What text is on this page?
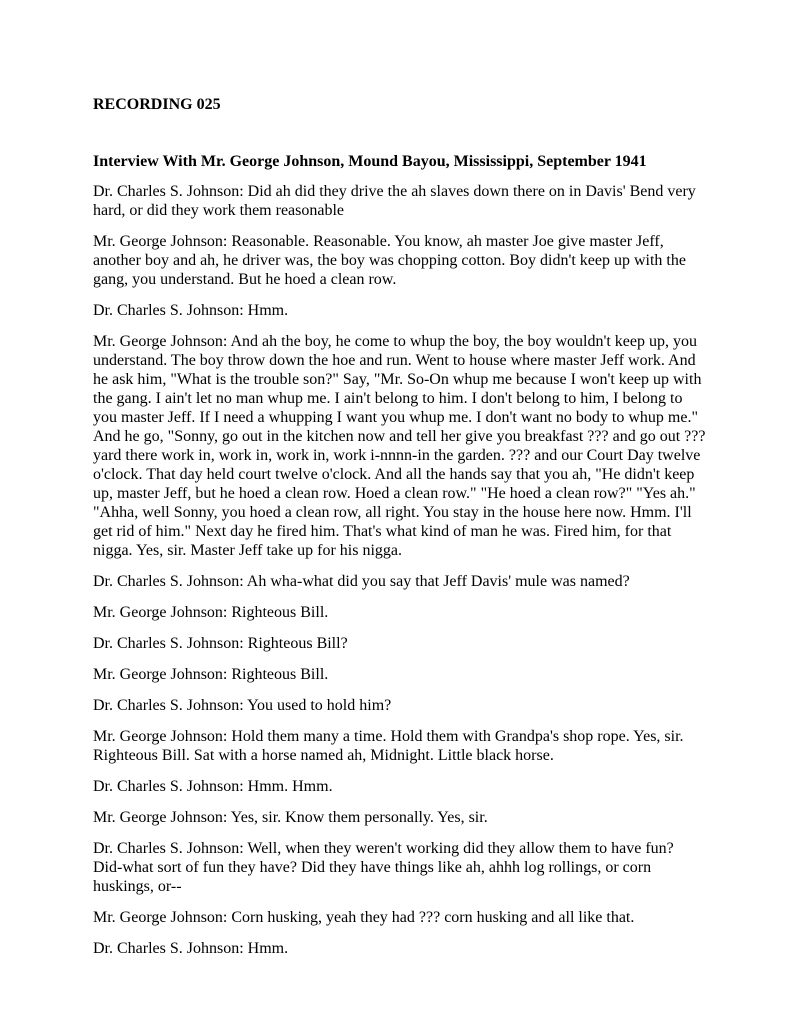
RECORDING 025
Interview With Mr. George Johnson, Mound Bayou, Mississippi, September 1941

Dr. Charles S. Johnson: Did ah did they drive the ah slaves down there on in Davis' Bend very hard, or did they work them reasonable

Mr. George Johnson: Reasonable. Reasonable. You know, ah master Joe give master Jeff, another boy and ah, he driver was, the boy was chopping cotton. Boy didn't keep up with the gang, you understand. But he hoed a clean row.

Dr. Charles S. Johnson: Hmm.

Mr. George Johnson: And ah the boy, he come to whup the boy, the boy wouldn't keep up, you understand. The boy throw down the hoe and run. Went to house where master Jeff work. And he ask him, "What is the trouble son?" Say, "Mr. So-On whup me because I won't keep up with the gang. I ain't let no man whup me. I ain't belong to him. I don't belong to him, I belong to you master Jeff. If I need a whupping I want you whup me. I don't want no body to whup me." And he go, "Sonny, go out in the kitchen now and tell her give you breakfast ??? and go out ??? yard there work in, work in, work in, work i-nnnn-in the garden. ??? and our Court Day twelve o'clock. That day held court twelve o'clock. And all the hands say that you ah, "He didn't keep up, master Jeff, but he hoed a clean row. Hoed a clean row." "He hoed a clean row?" "Yes ah." "Ahha, well Sonny, you hoed a clean row, all right. You stay in the house here now. Hmm. I'll get rid of him." Next day he fired him. That's what kind of man he was. Fired him, for that nigga. Yes, sir. Master Jeff take up for his nigga.

Dr. Charles S. Johnson: Ah wha-what did you say that Jeff Davis' mule was named?

Mr. George Johnson: Righteous Bill.

Dr. Charles S. Johnson: Righteous Bill?

Mr. George Johnson: Righteous Bill.

Dr. Charles S. Johnson: You used to hold him?

Mr. George Johnson: Hold them many a time. Hold them with Grandpa's shop rope. Yes, sir. Righteous Bill. Sat with a horse named ah, Midnight. Little black horse.

Dr. Charles S. Johnson: Hmm. Hmm.

Mr. George Johnson: Yes, sir. Know them personally. Yes, sir.

Dr. Charles S. Johnson: Well, when they weren't working did they allow them to have fun? Did-what sort of fun they have? Did they have things like ah, ahhh log rollings, or corn huskings, or--

Mr. George Johnson: Corn husking, yeah they had ??? corn husking and all like that.

Dr. Charles S. Johnson: Hmm.
